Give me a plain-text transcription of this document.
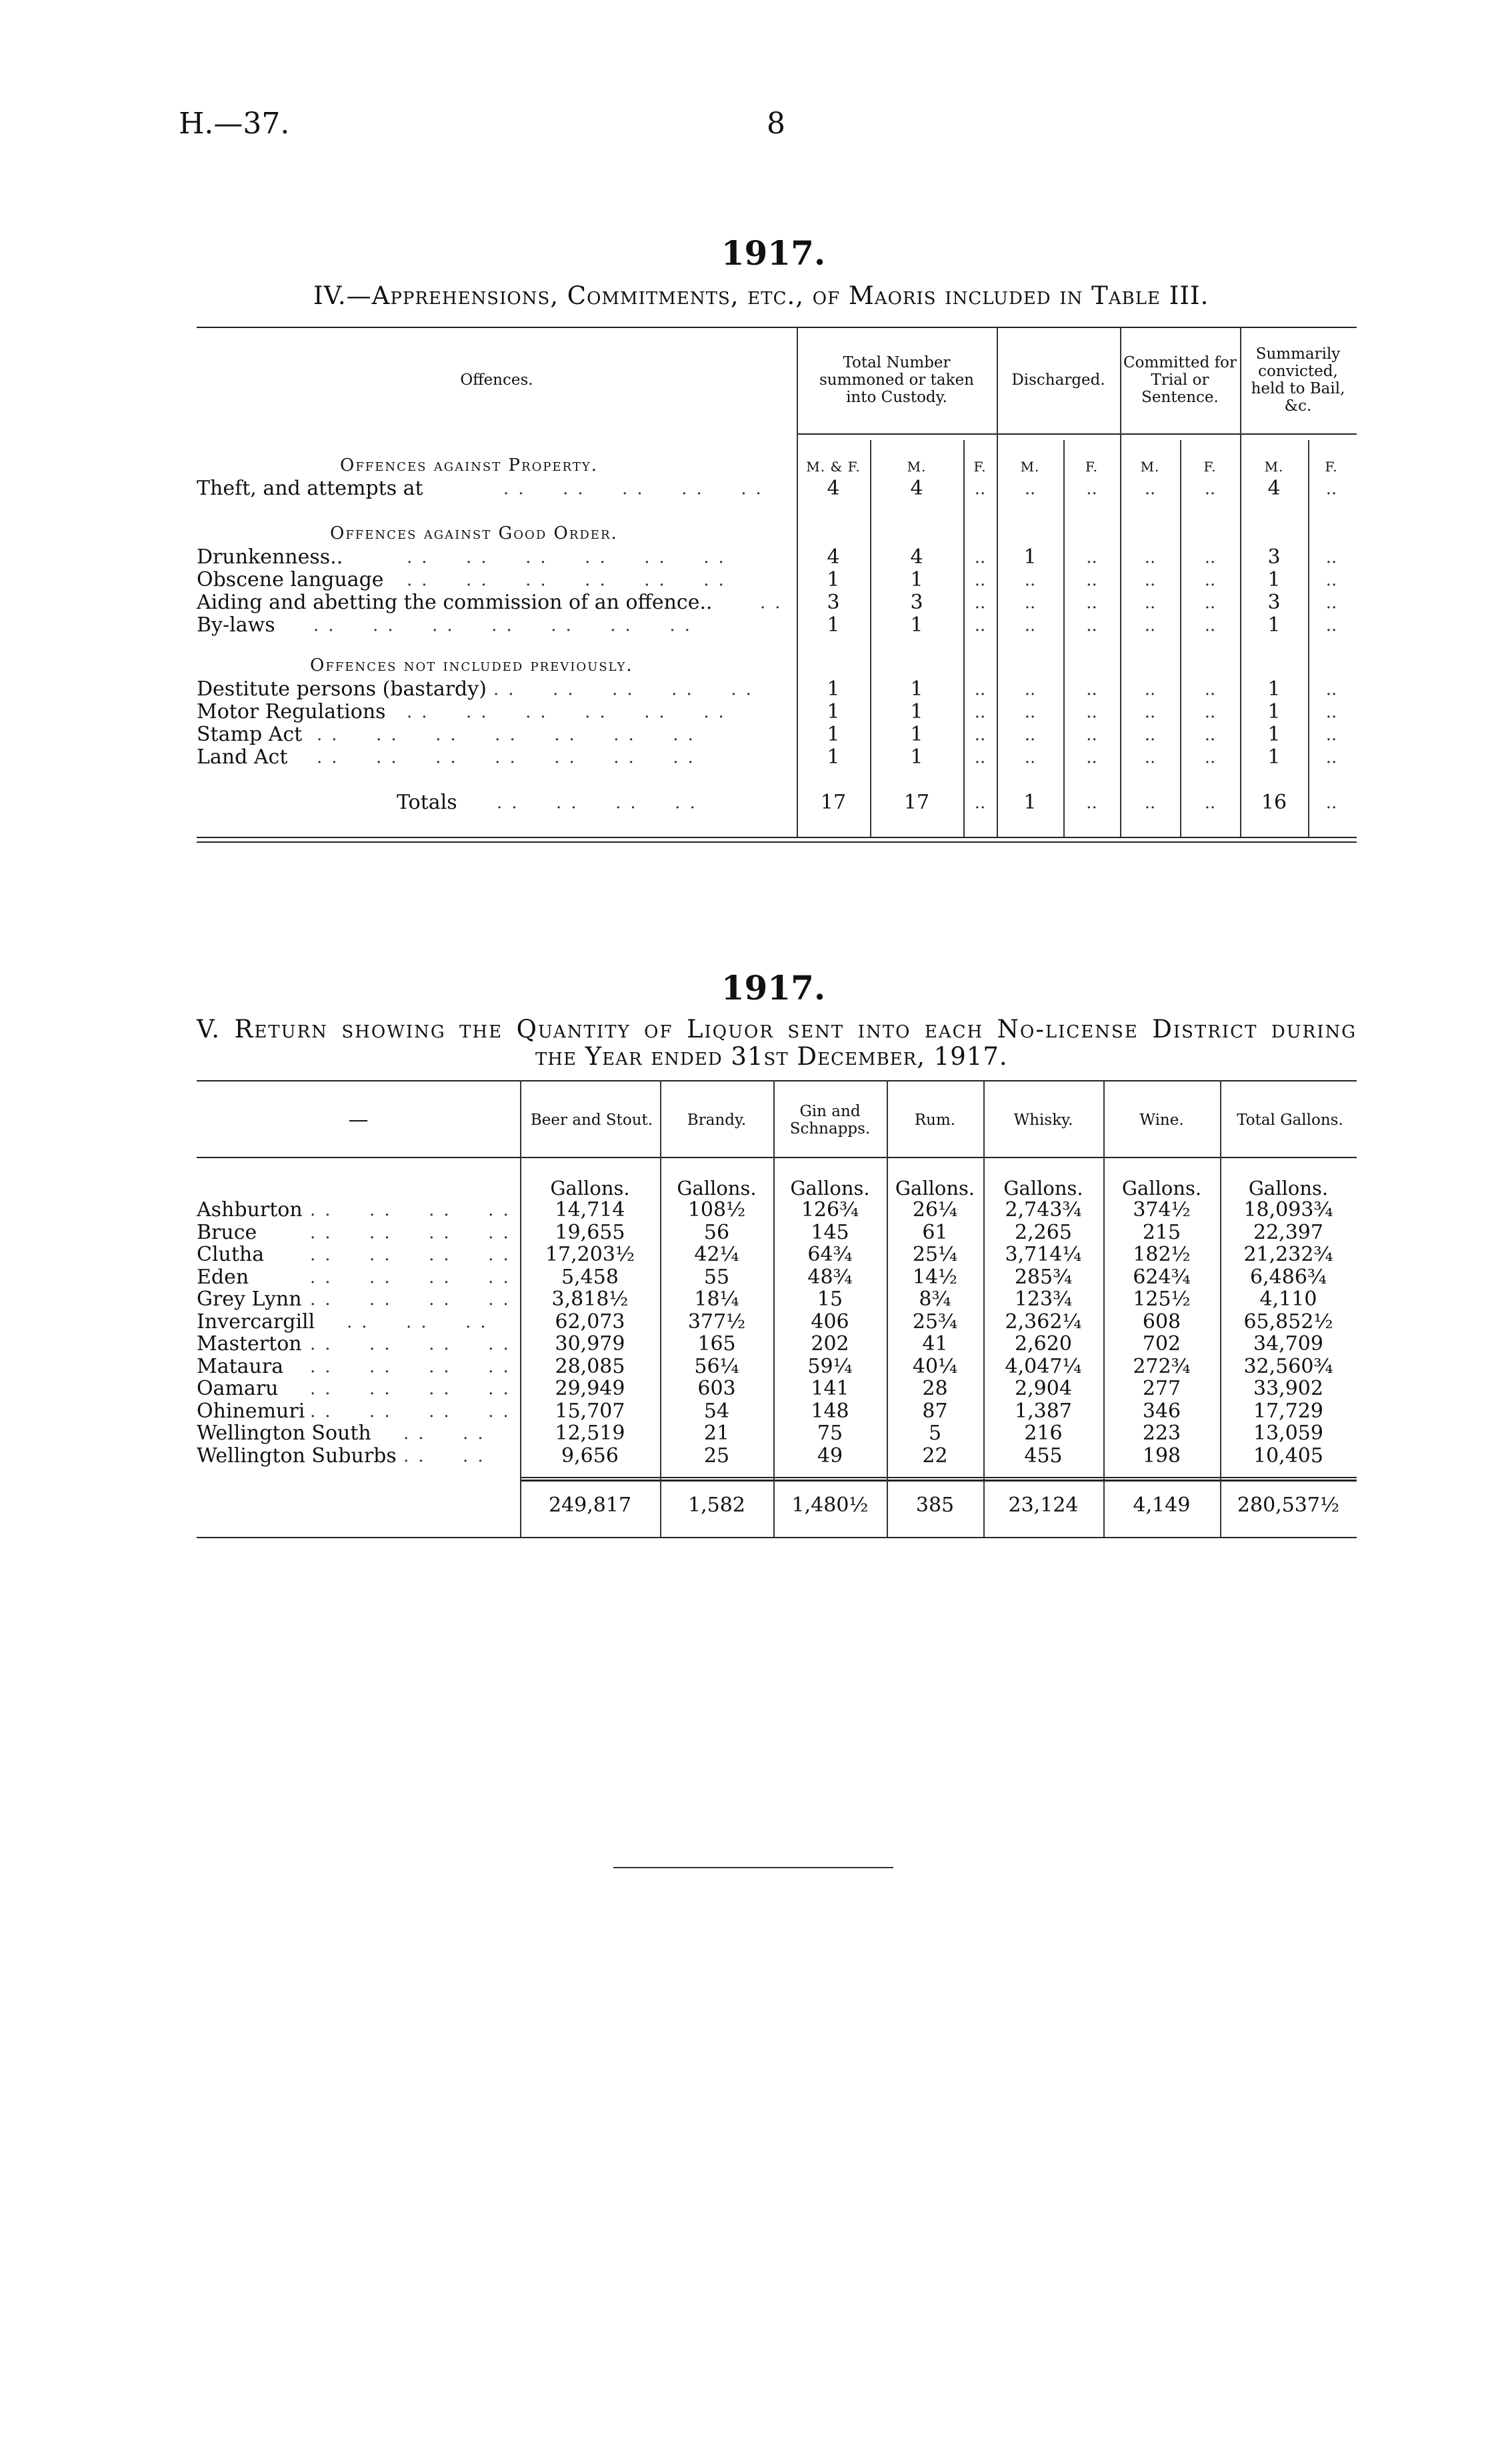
H.—37.	8
1917.
IV.—Apprehensions, Commitments, etc., of Maoris included in Table III.
Offences.
Total Number summoned or taken into Custody.
Discharged.
Committed for Trial or Sentence.
Summarily convicted, held to Bail, &c.
M. & F.	M.	F.	M.	F.	M.	F.	M.	F.
Offences against Property.
Offences against Good Order.
Offences not included previously.
Theft, and attempts at	..  ..  ..  ..  ..	4	4	..	..	..	..	..	4	..
Drunkenness..	..  ..  ..  ..  ..  ..	4	4	..	1	..	..	..	3	..
Obscene language ..  ..  ..  ..  ..  ..	1	1	..	..	..	..	..	1	..
Aiding and abetting the commission of an offence..	..	3	3	..	..	..	..	..	3	..
By-laws ..  ..  ..  ..  ..  ..  ..	1	1	..	..	..	..	..	1	..
Destitute persons (bastardy) ..  ..  ..  ..  ..	1	1	..	..	..	..	..	1	..
Motor Regulations ..  ..  ..  ..  ..  ..	1	1	..	..	..	..	..	1	..
Stamp Act ..  ..  ..  ..  ..  ..  ..	1	1	..	..	..	..	..	1	..
Land Act ..  ..  ..  ..  ..  ..  ..	1	1	..	..	..	..	..	1	..
Totals ..  ..  ..  ..	17	17	..	1	..	..	..	16	..
1917.
V. Return showing the Quantity of Liquor sent into each No-license District during
the Year ended 31st December, 1917.
—	Beer and Stout.	Brandy.	Gin and Schnapps.	Rum.	Whisky.	Wine.	Total Gallons.
Gallons.	Gallons.	Gallons.	Gallons.	Gallons.	Gallons.	Gallons.
Ashburton ..  ..  ..  ..	14,714	108½	126¾	26¼	2,743¾	374½	18,093¾
Bruce	..  ..  ..  ..	19,655	56	145	61	2,265	215	22,397
Clutha	..  ..  ..  ..	17,203½	42¼	64¾	25¼	3,714¼	182½	21,232¾
Eden	..  ..  ..  ..	5,458	55	48¾	14½	285¾	624¾	6,486¾
Grey Lynn ..  ..  ..  ..	3,818½	18¼	15	8¾	123¾	125½	4,110
Invercargill ..  ..  ..	62,073	377½	406	25¾	2,362¼	608	65,852½
Masterton ..  ..  ..  ..	30,979	165	202	41	2,620	702	34,709
Mataura ..  ..  ..  ..	28,085	56¼	59¼	40¼	4,047¼	272¾	32,560¾
Oamaru ..  ..  ..  ..	29,949	603	141	28	2,904	277	33,902
Ohinemuri ..  ..  ..  ..	15,707	54	148	87	1,387	346	17,729
Wellington South ..  ..	12,519	21	75	5	216	223	13,059
Wellington Suburbs ..  ..	9,656	25	49	22	455	198	10,405
249,817	1,582	1,480½	385	23,124	4,149	280,537½
